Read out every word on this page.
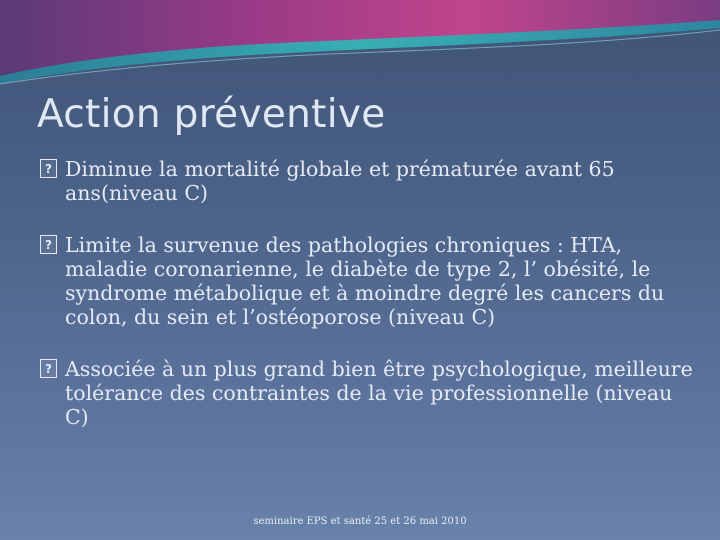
Action préventive
? Diminue la mortalité globale et prématurée avant 65 ans(niveau C)
? Limite la survenue des pathologies chroniques : HTA, maladie coronarienne, le diabète de type 2, l’ obésité, le syndrome métabolique et à moindre degré les cancers du colon, du sein et l’ostéoporose (niveau C)
? Associée à un plus grand bien être psychologique, meilleure tolérance des contraintes de la vie professionnelle (niveau C)
seminaire EPS et santé 25 et 26 mai 2010
